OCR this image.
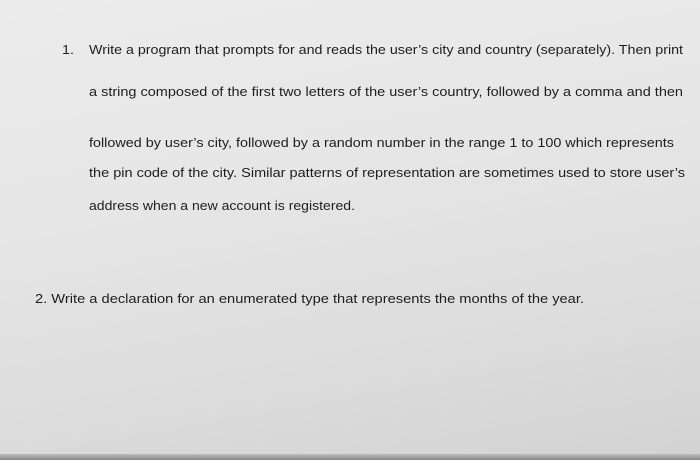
1. Write a program that prompts for and reads the user’s city and country (separately). Then print
a string composed of the first two letters of the user’s country, followed by a comma and then
followed by user’s city, followed by a random number in the range 1 to 100 which represents
the pin code of the city. Similar patterns of representation are sometimes used to store user’s
address when a new account is registered.
2. Write a declaration for an enumerated type that represents the months of the year.
